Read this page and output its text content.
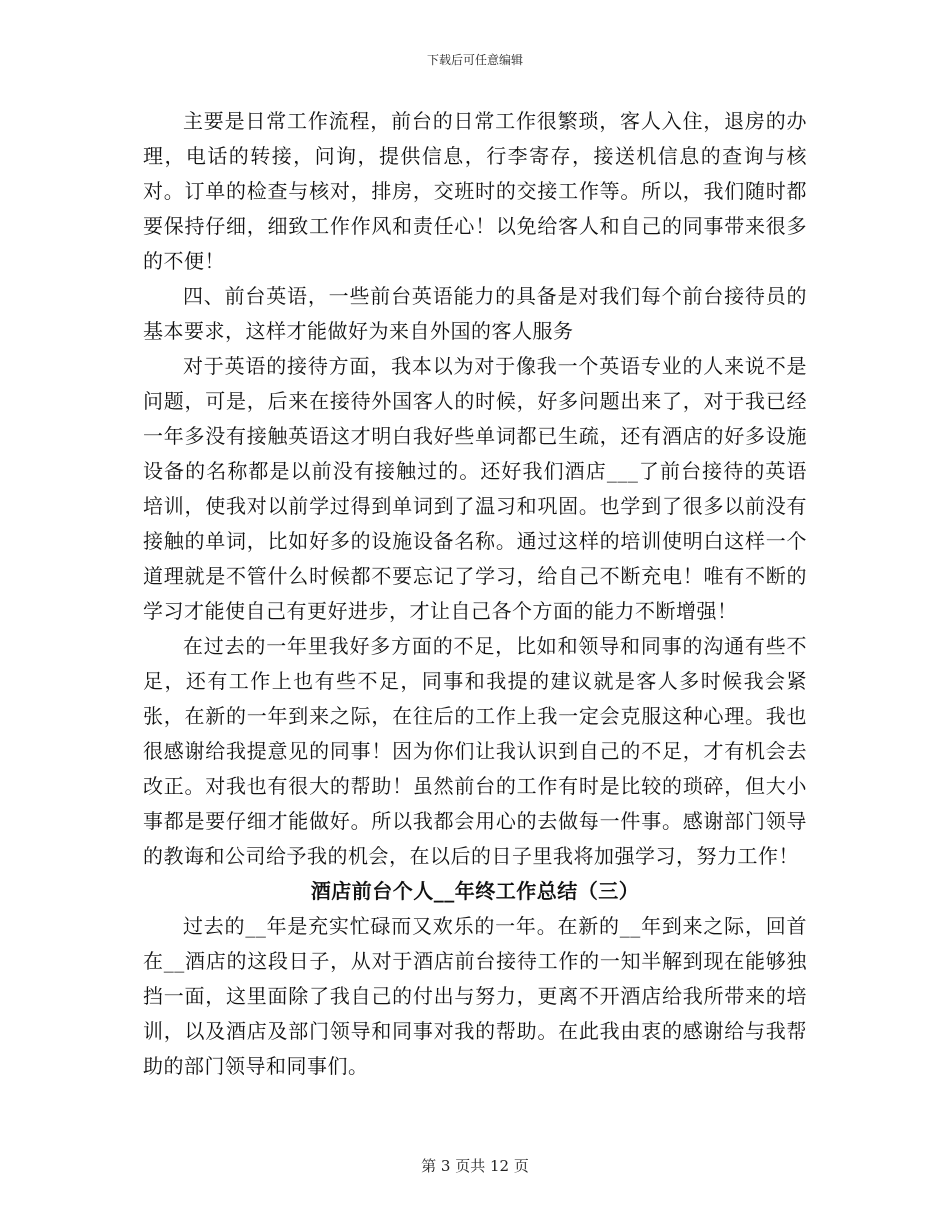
下载后可任意编辑

主要是日常工作流程，前台的日常工作很繁琐，客人入住，退房的办理，电话的转接，问询，提供信息，行李寄存，接送机信息的查询与核对。订单的检查与核对，排房，交班时的交接工作等。所以，我们随时都要保持仔细，细致工作作风和责任心！以免给客人和自己的同事带来很多的不便！

四、前台英语，一些前台英语能力的具备是对我们每个前台接待员的基本要求，这样才能做好为来自外国的客人服务

对于英语的接待方面，我本以为对于像我一个英语专业的人来说不是问题，可是，后来在接待外国客人的时候，好多问题出来了，对于我已经一年多没有接触英语这才明白我好些单词都已生疏，还有酒店的好多设施设备的名称都是以前没有接触过的。还好我们酒店___了前台接待的英语培训，使我对以前学过得到单词到了温习和巩固。也学到了很多以前没有接触的单词，比如好多的设施设备名称。通过这样的培训使明白这样一个道理就是不管什么时候都不要忘记了学习，给自己不断充电！唯有不断的学习才能使自己有更好进步，才让自己各个方面的能力不断增强！

在过去的一年里我好多方面的不足，比如和领导和同事的沟通有些不足，还有工作上也有些不足，同事和我提的建议就是客人多时候我会紧张，在新的一年到来之际，在往后的工作上我一定会克服这种心理。我也很感谢给我提意见的同事！因为你们让我认识到自己的不足，才有机会去改正。对我也有很大的帮助！虽然前台的工作有时是比较的琐碎，但大小事都是要仔细才能做好。所以我都会用心的去做每一件事。感谢部门领导的教诲和公司给予我的机会，在以后的日子里我将加强学习，努力工作！

酒店前台个人__年终工作总结（三）

过去的__年是充实忙碌而又欢乐的一年。在新的__年到来之际，回首在__酒店的这段日子，从对于酒店前台接待工作的一知半解到现在能够独挡一面，这里面除了我自己的付出与努力，更离不开酒店给我所带来的培训，以及酒店及部门领导和同事对我的帮助。在此我由衷的感谢给与我帮助的部门领导和同事们。

第 3 页共 12 页
